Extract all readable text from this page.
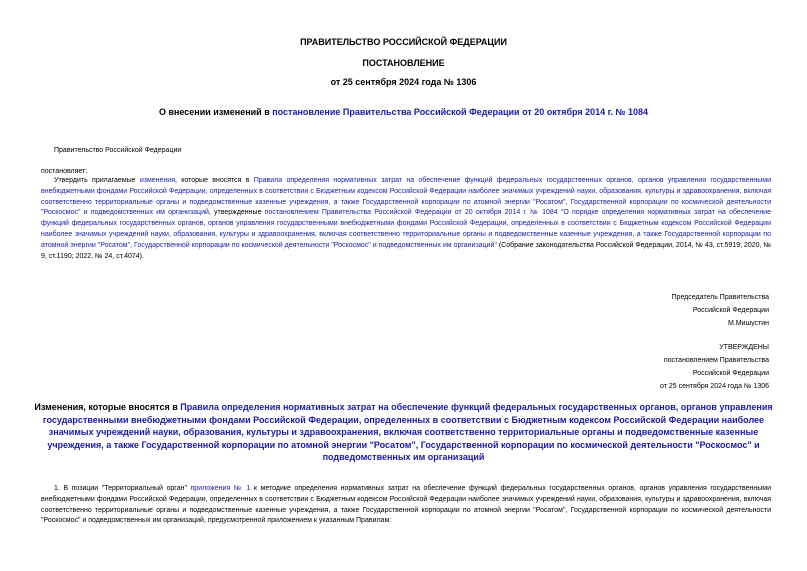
ПРАВИТЕЛЬСТВО РОССИЙСКОЙ ФЕДЕРАЦИИ
ПОСТАНОВЛЕНИЕ
от 25 сентября 2024 года № 1306
О внесении изменений в постановление Правительства Российской Федерации от 20 октября 2014 г. № 1084
Правительство Российской Федерации
постановляет:

Утвердить прилагаемые изменения, которые вносятся в Правила определения нормативных затрат на обеспечение функций федеральных государственных органов, органов управления государственными внебюджетными фондами Российской Федерации, определенных в соответствии с Бюджетным кодексом Российской Федерации наиболее значимых учреждений науки, образования, культуры и здравоохранения, включая соответственно территориальные органы и подведомственные казенные учреждения, а также Государственной корпорации по атомной энергии "Росатом", Государственной корпорации по космической деятельности "Роскосмос" и подведомственных им организаций, утвержденные постановлением Правительства Российской Федерации от 20 октября 2014 г. № 1084 "О порядке определения нормативных затрат на обеспечение функций федеральных государственных органов, органов управления государственными внебюджетными фондами Российской Федерации, определенных в соответствии с Бюджетным кодексом Российской Федерации наиболее значимых учреждений науки, образования, культуры и здравоохранения, включая соответственно территориальные органы и подведомственные казенные учреждения, а также Государственной корпорации по атомной энергии "Росатом", Государственной корпорации по космической деятельности "Роскосмос" и подведомственных им организаций" (Собрание законодательства Российской Федерации, 2014, № 43, ст.5919; 2020, № 9, ст.1190; 2022, № 24, ст.4074).

Председатель Правительства
Российской Федерации
М.Мишустин
УТВЕРЖДЕНЫ
постановлением Правительства
Российской Федерации
от 25 сентября 2024 года № 1306

Изменения, которые вносятся в Правила определения нормативных затрат на обеспечение функций федеральных государственных органов, органов управления государственными внебюджетными фондами Российской Федерации, определенных в соответствии с Бюджетным кодексом Российской Федерации наиболее значимых учреждений науки, образования, культуры и здравоохранения, включая соответственно территориальные органы и подведомственные казенные учреждения, а также Государственной корпорации по атомной энергии "Росатом", Государственной корпорации по космической деятельности "Роскосмос" и подведомственных им организаций

1. В позиции "Территориальный орган" приложения № 1 к методике определения нормативных затрат на обеспечение функций федеральных государственных органов, органов управления государственными внебюджетными фондами Российской Федерации, определенных в соответствии с Бюджетным кодексом Российской Федерации наиболее значимых учреждений науки, образования, культуры и здравоохранения, включая соответственно территориальные органы и подведомственные казенные учреждения, а также Государственной корпорации по атомной энергии "Росатом", Государственной корпорации по космической деятельности "Роскосмос" и подведомственных им организаций, предусмотренной приложением к указанным Правилам:
